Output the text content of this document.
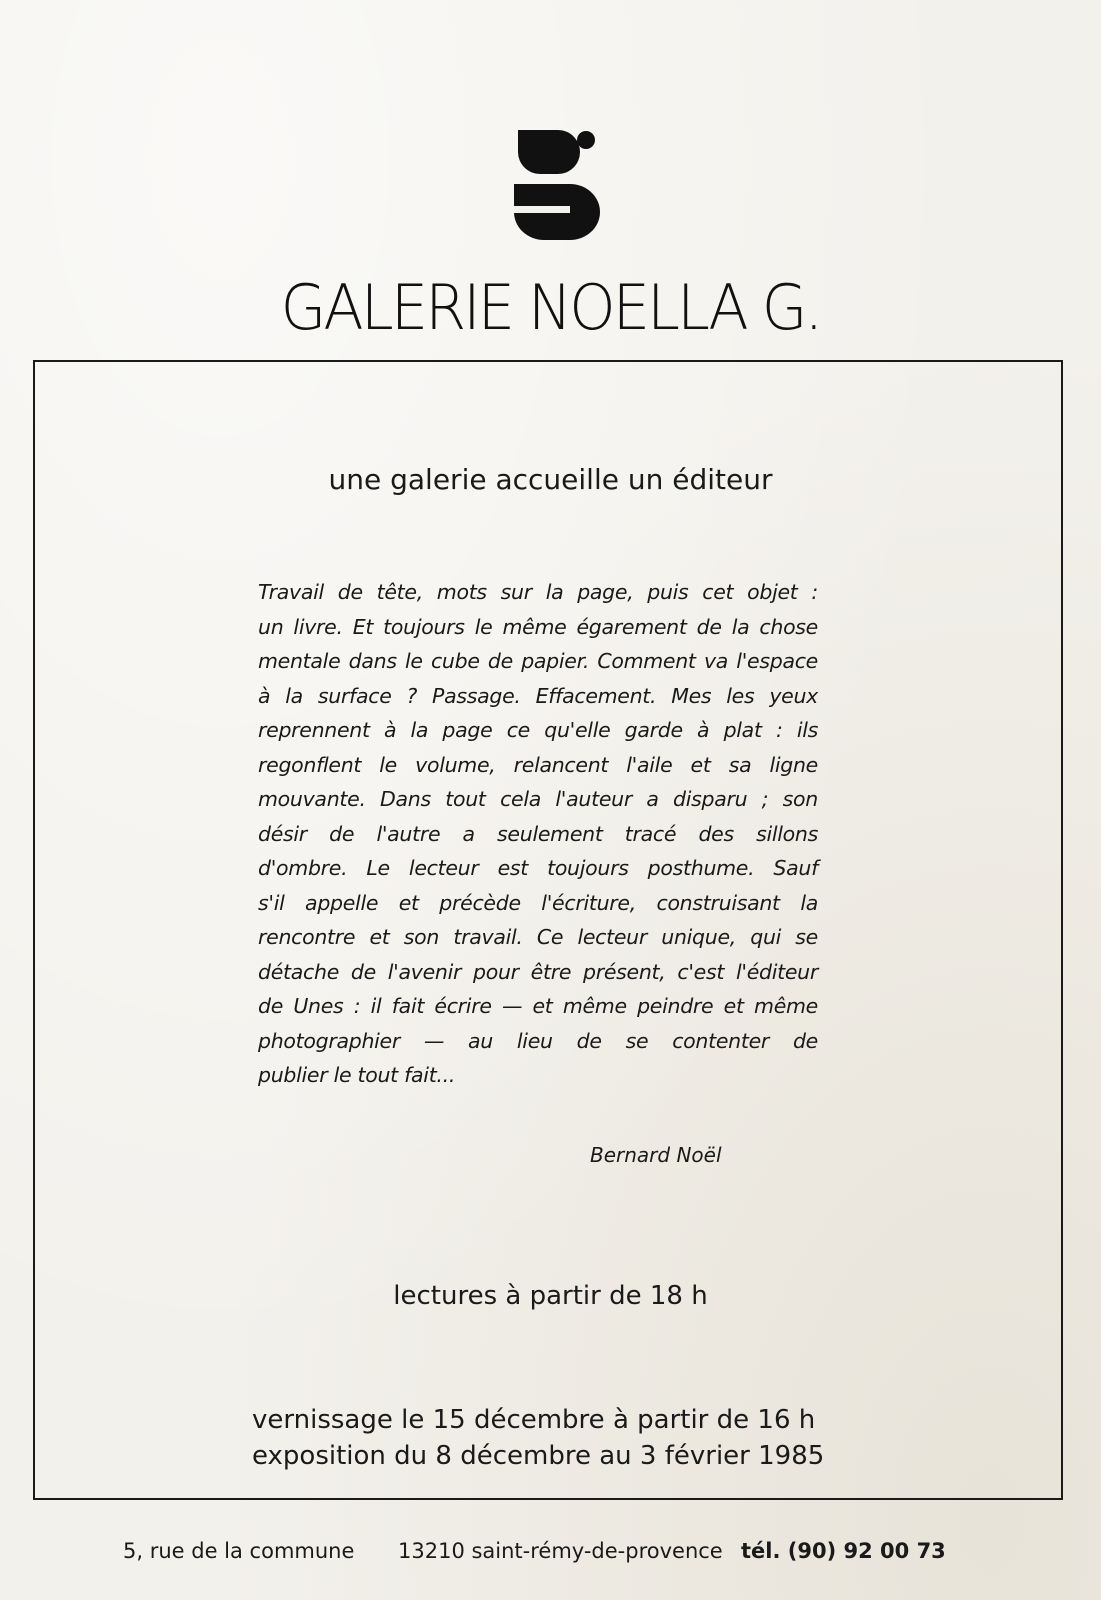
GALERIE NOELLA G.
une galerie accueille un éditeur
Travail de tête, mots sur la page, puis cet objet :
un livre. Et toujours le même égarement de la chose
mentale dans le cube de papier. Comment va l'espace
à la surface ? Passage. Effacement. Mes les yeux
reprennent à la page ce qu'elle garde à plat : ils
regonflent le volume, relancent l'aile et sa ligne
mouvante. Dans tout cela l'auteur a disparu ; son
désir de l'autre a seulement tracé des sillons
d'ombre. Le lecteur est toujours posthume. Sauf
s'il appelle et précède l'écriture, construisant la
rencontre et son travail. Ce lecteur unique, qui se
détache de l'avenir pour être présent, c'est l'éditeur
de Unes : il fait écrire — et même peindre et même
photographier — au lieu de se contenter de
publier le tout fait...
Bernard Noël
lectures à partir de 18 h
vernissage le 15 décembre à partir de 16 h
exposition du 8 décembre au 3 février 1985
5, rue de la commune 13210 saint-rémy-de-provence tél. (90) 92 00 73
